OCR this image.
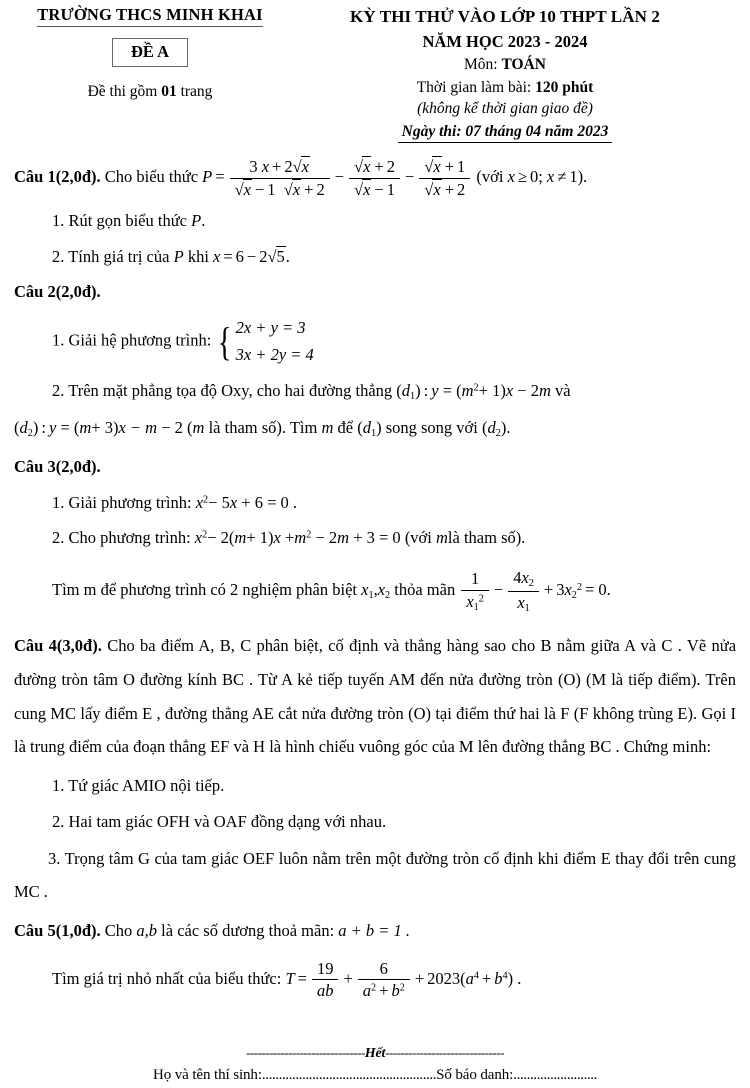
TRƯỜNG THCS MINH KHAI
ĐỀ A
Đề thi gồm 01 trang
KỲ THI THỬ VÀO LỚP 10 THPT LẦN 2
NĂM HỌC 2023 - 2024
Môn: TOÁN
Thời gian làm bài: 120 phút
(không kể thời gian giao đề)
Ngày thi: 07 tháng 04 năm 2023
Câu 1(2,0đ). Cho biểu thức $P = \frac{3 x + 2√x}{√x - 1 √x + 2} - \frac{√x + 2}{√x - 1} - \frac{√x + 1}{√x + 2}$ (với x ≥ 0; x ≠ 1).
1. Rút gọn biểu thức P.
2. Tính giá trị của P khi x = 6 − 2√5.
Câu 2(2,0đ).
1. Giải hệ phương trình: { 2x + y = 3
3x + 2y = 4
2. Trên mặt phẳng tọa độ Oxy, cho hai đường thẳng $(d_1)$ : $y = (m^2+ 1)x - 2m$ và
$(d_2)$ : y = (m+ 3)x − m − 2 (m là tham số). Tìm m để $(d_1)$ song song với $(d_2)$.
Câu 3(2,0đ).
1. Giải phương trình: $x^2- 5x + 6 = 0$ .
2. Cho phương trình: $x^2- 2(m+ 1)x +m^2 - 2m + 3 = 0$ (với mlà tham số).
Tìm m để phương trình có 2 nghiệm phân biệt $x_1,x_2$ thỏa mãn $\frac{1}{x_1^2} - \frac{4x_2}{x_1} + 3x_2^2 = 0$.
Câu 4(3,0đ). Cho ba điểm A, B, C phân biệt, cố định và thẳng hàng sao cho B nằm giữa A và C . Vẽ nửa đường tròn tâm O đường kính BC . Từ A kẻ tiếp tuyến AM đến nửa đường tròn (O) (M là tiếp điểm). Trên cung MC lấy điểm E , đường thẳng AE cắt nửa đường tròn (O) tại điểm thứ hai là F (F không trùng E). Gọi I là trung điểm của đoạn thẳng EF và H là hình chiếu vuông góc của M lên đường thẳng BC . Chứng minh:
1. Tứ giác AMIO nội tiếp.
2. Hai tam giác OFH và OAF đồng dạng với nhau.
3. Trọng tâm G của tam giác OEF luôn nằm trên một đường tròn cố định khi điểm E thay đổi trên cung MC .
Câu 5(1,0đ). Cho a,b là các số dương thoả mãn: a + b = 1 .
Tìm giá trị nhỏ nhất của biểu thức: $T = \frac{19}{ab} + \frac{6}{a^2 + b^2} + 2023(a^4 + b^4)$ .
-------------------------------Hết-------------------------------
Họ và tên thí sinh:....................................................Số báo danh:.........................
